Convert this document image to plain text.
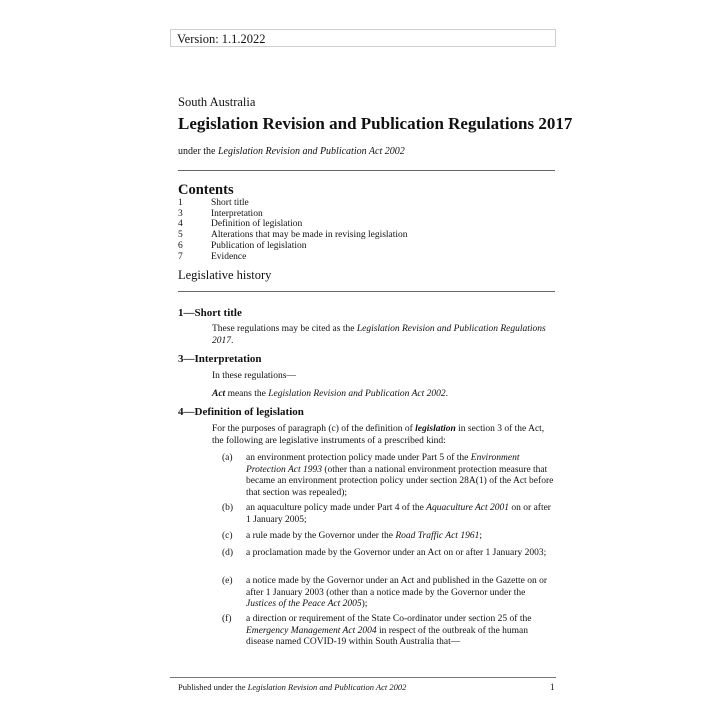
Version: 1.1.2022
South Australia
Legislation Revision and Publication Regulations 2017
under the Legislation Revision and Publication Act 2002
Contents
1	Short title
3	Interpretation
4	Definition of legislation
5	Alterations that may be made in revising legislation
6	Publication of legislation
7	Evidence
Legislative history
1—Short title
These regulations may be cited as the Legislation Revision and Publication Regulations 2017.
3—Interpretation
In these regulations—
Act means the Legislation Revision and Publication Act 2002.
4—Definition of legislation
For the purposes of paragraph (c) of the definition of legislation in section 3 of the Act, the following are legislative instruments of a prescribed kind:
(a)	an environment protection policy made under Part 5 of the Environment Protection Act 1993 (other than a national environment protection measure that became an environment protection policy under section 28A(1) of the Act before that section was repealed);
(b)	an aquaculture policy made under Part 4 of the Aquaculture Act 2001 on or after 1 January 2005;
(c)	a rule made by the Governor under the Road Traffic Act 1961;
(d)	a proclamation made by the Governor under an Act on or after 1 January 2003;
(e)	a notice made by the Governor under an Act and published in the Gazette on or after 1 January 2003 (other than a notice made by the Governor under the Justices of the Peace Act 2005);
(f)	a direction or requirement of the State Co-ordinator under section 25 of the Emergency Management Act 2004 in respect of the outbreak of the human disease named COVID-19 within South Australia that—
Published under the Legislation Revision and Publication Act 2002	1
